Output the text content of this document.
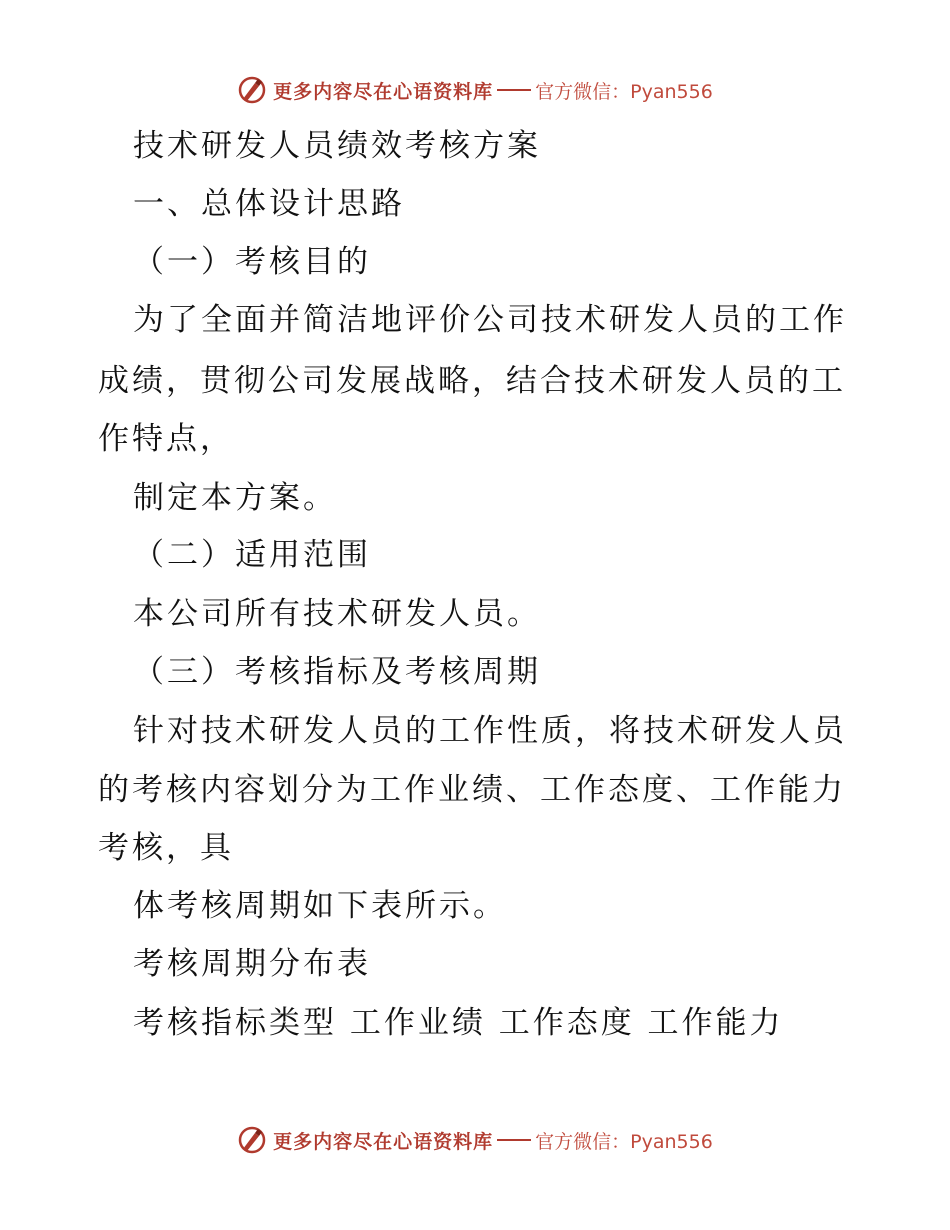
更多内容尽在心语资料库 官方微信：Pyan556
技术研发人员绩效考核方案
一、总体设计思路
（一）考核目的
为了全面并简洁地评价公司技术研发人员的工作
成绩，贯彻公司发展战略，结合技术研发人员的工
作特点，
制定本方案。
（二）适用范围
本公司所有技术研发人员。
（三）考核指标及考核周期
针对技术研发人员的工作性质，将技术研发人员
的考核内容划分为工作业绩、工作态度、工作能力
考核，具
体考核周期如下表所示。
考核周期分布表
考核指标类型 工作业绩 工作态度 工作能力
更多内容尽在心语资料库 官方微信：Pyan556
